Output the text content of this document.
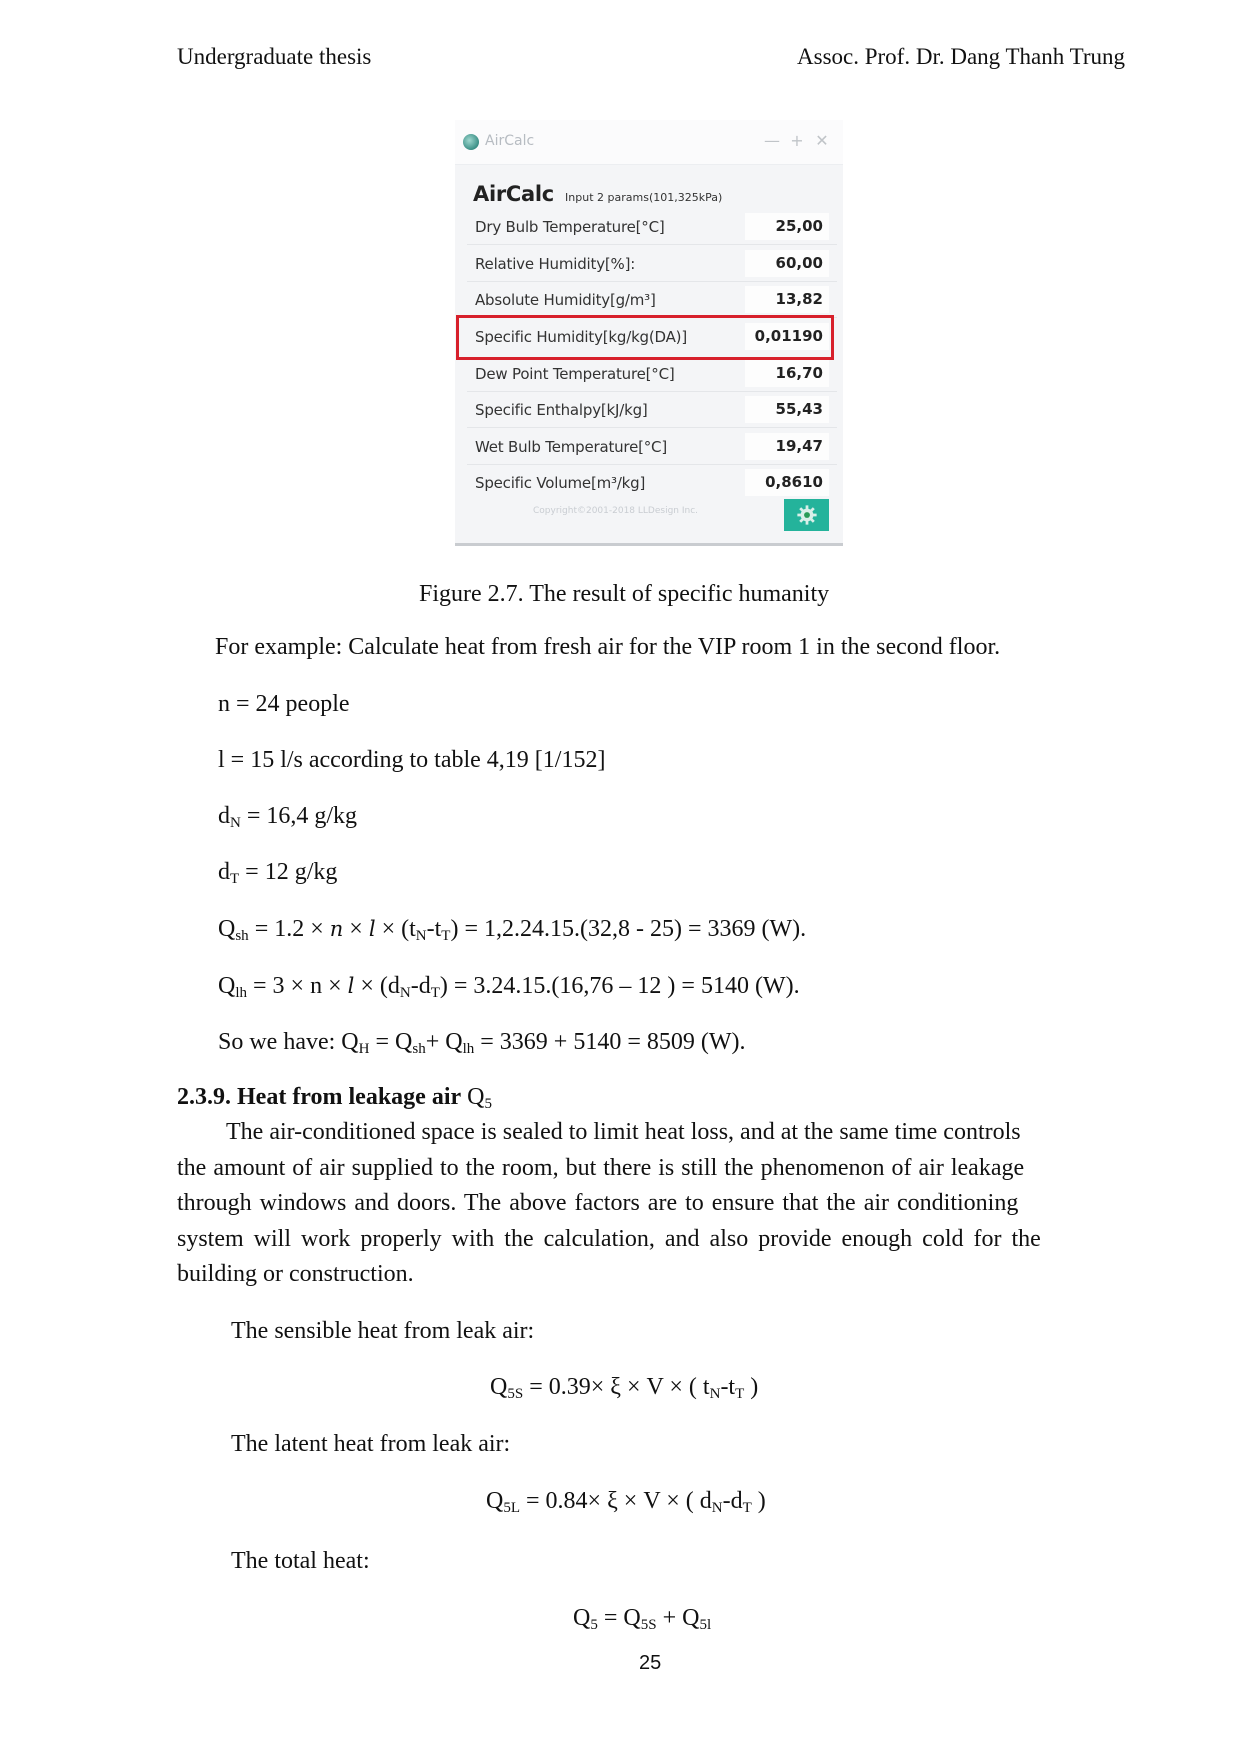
Undergraduate thesis	Assoc. Prof. Dr. Dang Thanh Trung
AirCalc	— + ✕
AirCalc Input 2 params(101,325kPa)
Dry Bulb Temperature[°C]	25,00
Relative Humidity[%]:	60,00
Absolute Humidity[g/m³]	13,82
Specific Humidity[kg/kg(DA)]	0,01190
Dew Point Temperature[°C]	16,70
Specific Enthalpy[kJ/kg]	55,43
Wet Bulb Temperature[°C]	19,47
Specific Volume[m³/kg]	0,8610
Copyright©2001-2018 LLDesign Inc.
Figure 2.7. The result of specific humanity
For example: Calculate heat from fresh air for the VIP room 1 in the second floor.
n = 24 people
l = 15 l/s according to table 4,19 [1/152]
$d_N = 16,4$ g/kg
$d_T = 12$ g/kg
$Q_{sh} = 1.2 \times n \times l \times (t_N-t_T) = 1,2.24.15.(32,8 - 25) = 3369$ (W).
$Q_{lh} = 3 \times n \times l \times (d_N-d_T) = 3.24.15.(16,76 - 12$ ) = 5140 (W).
So we have: $Q_H = Q_{sh}+ Q_{lh} = 3369 + 5140 = 8509$ (W).
2.3.9. Heat from leakage air $Q_5$
The air-conditioned space is sealed to limit heat loss, and at the same time controls
the amount of air supplied to the room, but there is still the phenomenon of air leakage
through windows and doors. The above factors are to ensure that the air conditioning
system will work properly with the calculation, and also provide enough cold for the
building or construction.
The sensible heat from leak air:
$Q_{5S} = 0.39\times \xi \times V$ × ( $t_N-t_T$ )
The latent heat from leak air:
$Q_{5L} = 0.84\times \xi \times V$ × ( $d_N-d_T$ )
The total heat:
$Q_5 = Q_{5S} + Q_{5l}$
25
